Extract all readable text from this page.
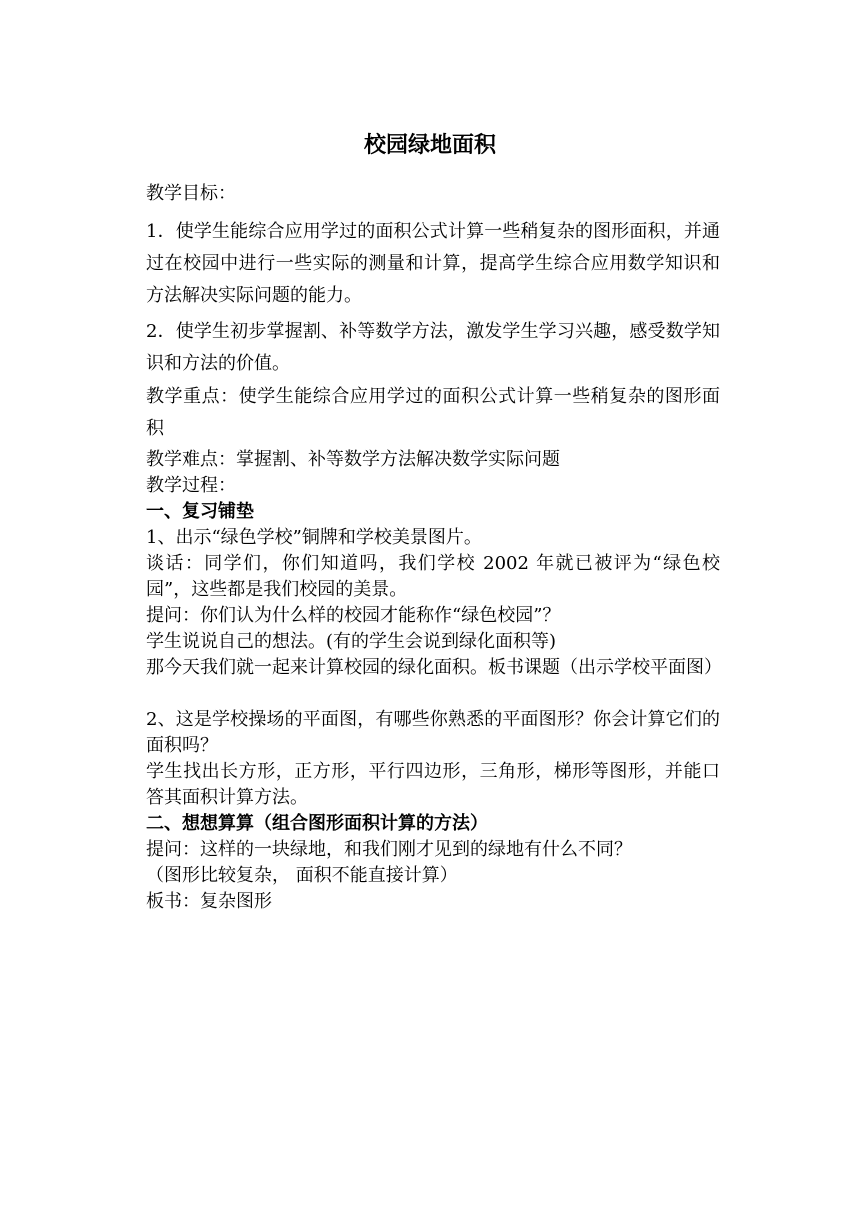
校园绿地面积
教学目标：
1．使学生能综合应用学过的面积公式计算一些稍复杂的图形面积，并通过在校园中进行一些实际的测量和计算，提高学生综合应用数学知识和方法解决实际问题的能力。
2．使学生初步掌握割、补等数学方法，激发学生学习兴趣，感受数学知识和方法的价值。
教学重点：使学生能综合应用学过的面积公式计算一些稍复杂的图形面积
教学难点：掌握割、补等数学方法解决数学实际问题
教学过程：
一、复习铺垫
1、出示“绿色学校”铜牌和学校美景图片。
谈话：同学们，你们知道吗，我们学校 2002 年就已被评为“绿色校园”，这些都是我们校园的美景。
提问：你们认为什么样的校园才能称作“绿色校园”？
学生说说自己的想法。(有的学生会说到绿化面积等)
那今天我们就一起来计算校园的绿化面积。板书课题（出示学校平面图）
2、这是学校操场的平面图，有哪些你熟悉的平面图形？你会计算它们的面积吗？
学生找出长方形，正方形，平行四边形，三角形，梯形等图形，并能口答其面积计算方法。
二、想想算算（组合图形面积计算的方法）
提问：这样的一块绿地，和我们刚才见到的绿地有什么不同？
（图形比较复杂， 面积不能直接计算）
板书：复杂图形
